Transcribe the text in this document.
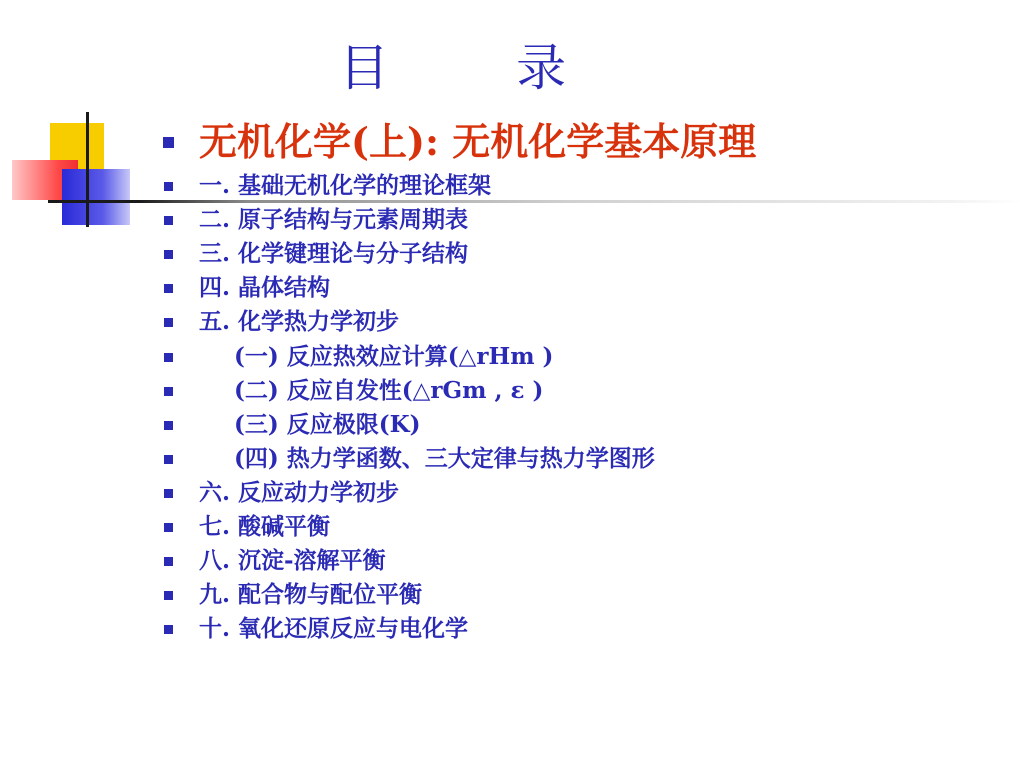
目        录
无机化学(上): 无机化学基本原理
一. 基础无机化学的理论框架
二. 原子结构与元素周期表
三. 化学键理论与分子结构
四. 晶体结构
五. 化学热力学初步
(一) 反应热效应计算(△rHm )
(二) 反应自发性(△rGm , ε )
(三) 反应极限(K)
(四) 热力学函数、三大定律与热力学图形
六. 反应动力学初步
七. 酸碱平衡
八. 沉淀-溶解平衡
九. 配合物与配位平衡
十. 氧化还原反应与电化学
